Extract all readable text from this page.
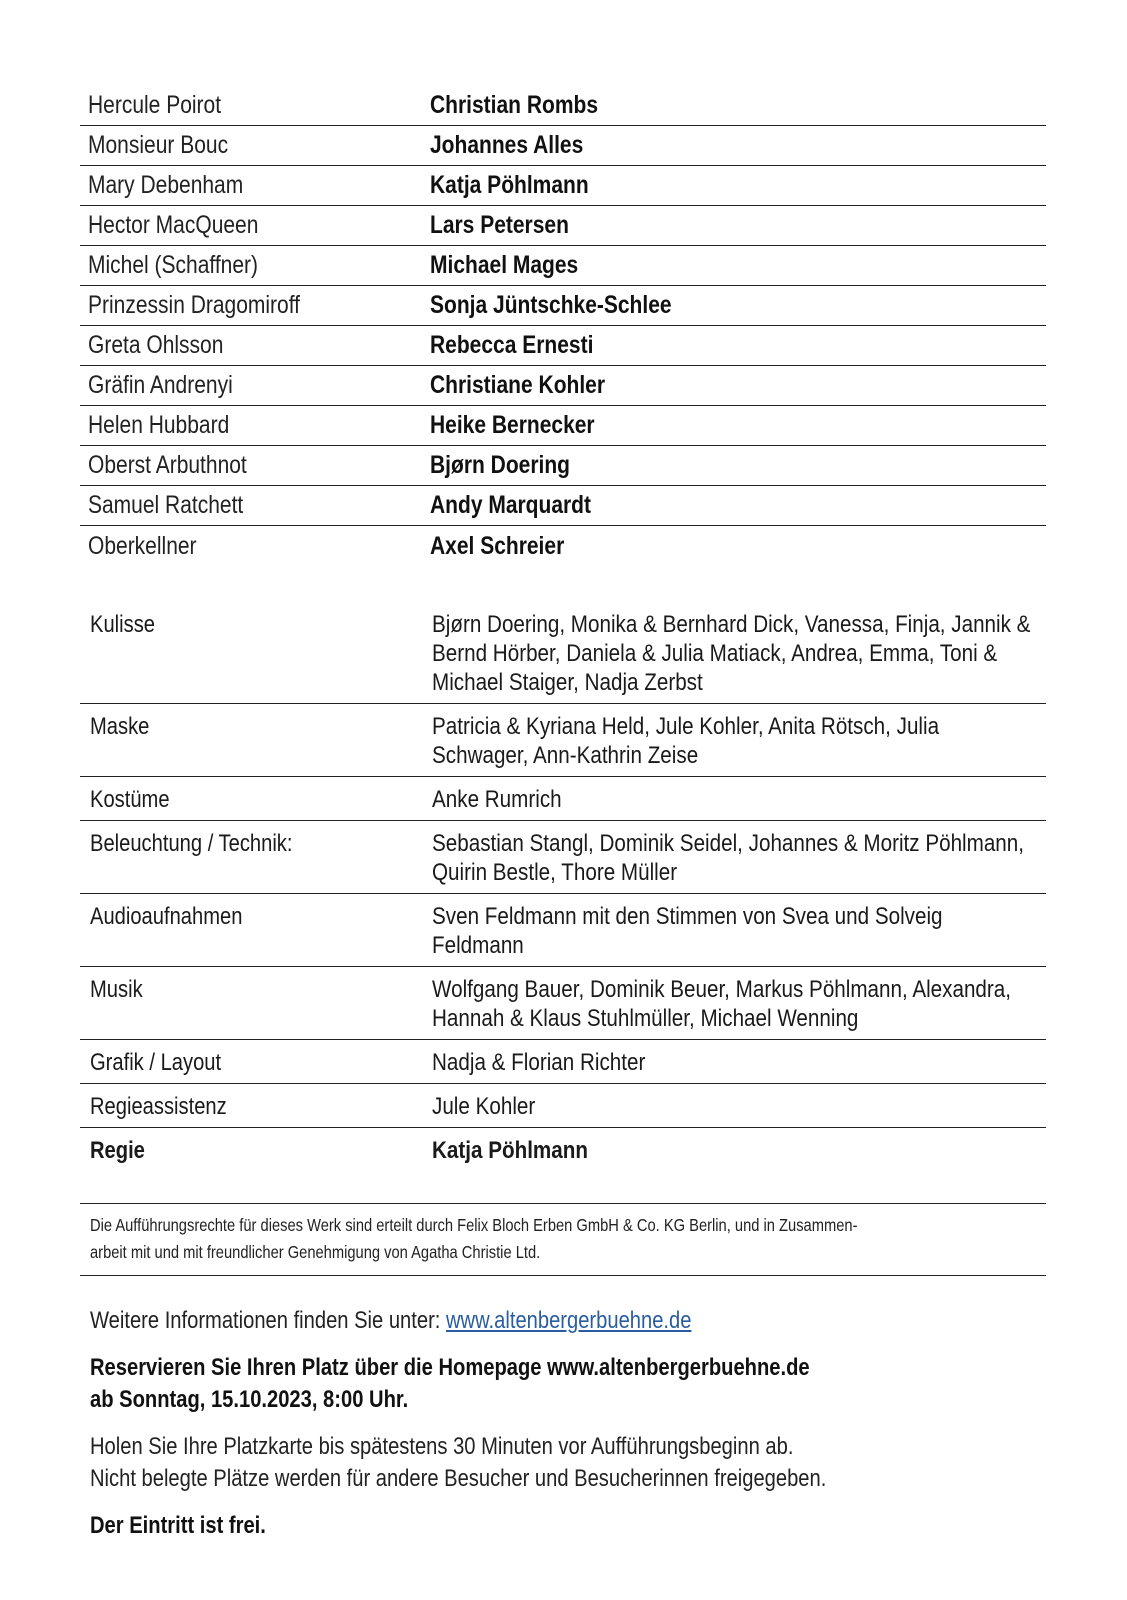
Hercule Poirot	Christian Rombs
Monsieur Bouc	Johannes Alles
Mary Debenham	Katja Pöhlmann
Hector MacQueen	Lars Petersen
Michel (Schaffner)	Michael Mages
Prinzessin Dragomiroff	Sonja Jüntschke-Schlee
Greta Ohlsson	Rebecca Ernesti
Gräfin Andrenyi	Christiane Kohler
Helen Hubbard	Heike Bernecker
Oberst Arbuthnot	Bjørn Doering
Samuel Ratchett	Andy Marquardt
Oberkellner	Axel Schreier
Kulisse	Bjørn Doering, Monika & Bernhard Dick, Vanessa, Finja, Jannik & Bernd Hörber, Daniela & Julia Matiack, Andrea, Emma, Toni & Michael Staiger, Nadja Zerbst
Maske	Patricia & Kyriana Held, Jule Kohler, Anita Rötsch, Julia Schwager, Ann-Kathrin Zeise
Kostüme	Anke Rumrich
Beleuchtung / Technik:	Sebastian Stangl, Dominik Seidel, Johannes & Moritz Pöhlmann, Quirin Bestle, Thore Müller
Audioaufnahmen	Sven Feldmann mit den Stimmen von Svea und Solveig Feldmann
Musik	Wolfgang Bauer, Dominik Beuer, Markus Pöhlmann, Alexandra, Hannah & Klaus Stuhlmüller, Michael Wenning
Grafik / Layout	Nadja & Florian Richter
Regieassistenz	Jule Kohler
Regie	Katja Pöhlmann
Die Aufführungsrechte für dieses Werk sind erteilt durch Felix Bloch Erben GmbH & Co. KG Berlin, und in Zusammen-
arbeit mit und mit freundlicher Genehmigung von Agatha Christie Ltd.
Weitere Informationen finden Sie unter: www.altenbergerbuehne.de
Reservieren Sie Ihren Platz über die Homepage www.altenbergerbuehne.de
ab Sonntag, 15.10.2023, 8:00 Uhr.
Holen Sie Ihre Platzkarte bis spätestens 30 Minuten vor Aufführungsbeginn ab.
Nicht belegte Plätze werden für andere Besucher und Besucherinnen freigegeben.
Der Eintritt ist frei.
